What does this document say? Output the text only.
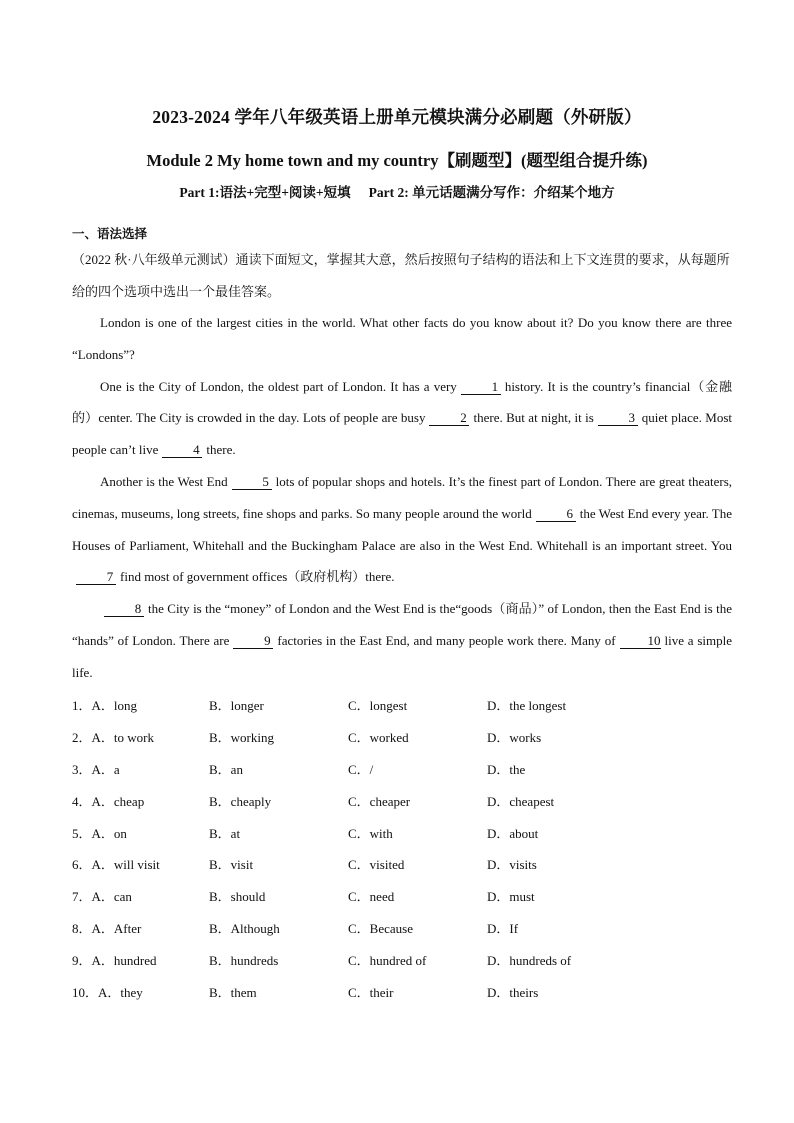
2023-2024 学年八年级英语上册单元模块满分必刷题（外研版）
Module 2 My home town and my country【刷题型】(题型组合提升练)
Part 1:语法+完型+阅读+短填 Part 2: 单元话题满分写作：介绍某个地方
一、语法选择

（2022 秋·八年级单元测试）通读下面短文，掌握其大意，然后按照句子结构的语法和上下文连贯的要求，从每题所给的四个选项中选出一个最佳答案。

London is one of the largest cities in the world. What other facts do you know about it? Do you know there are three “Londons”?

One is the City of London, the oldest part of London. It has a very	1 history. It is the country’s financial（金融的）center. The City is crowded in the day. Lots of people are busy	2 there. But at night, it is	3 quiet place. Most people can’t live	4 there.

Another is the West End	5 lots of popular shops and hotels. It’s the finest part of London. There are great theaters, cinemas, museums, long streets, fine shops and parks. So many people around the world	6 the West End every year. The Houses of Parliament, Whitehall and the Buckingham Palace are also in the West End. Whitehall is an important street. You7 find most of government offices（政府机构）there.

8 the City is the “money” of London and the West End is the“goods（商品）” of London, then the East End is the “hands” of London. There are	9 factories in the East End, and many people work there. Many of 10 live a simple life.

1．A．long	B．longer	C．longest	D．the longest
2．A．to work	B．working	C．worked	D．works
3．A．a	B．an	C．/	D．the
4．A．cheap	B．cheaply	C．cheaper	D．cheapest
5．A．on	B．at	C．with	D．about
6．A．will visit	B．visit	C．visited	D．visits
7．A．can	B．should	C．need	D．must
8．A．After	B．Although	C．Because	D．If
9．A．hundred	B．hundreds	C．hundred of	D．hundreds of
10．A．they	B．them	C．their	D．theirs
